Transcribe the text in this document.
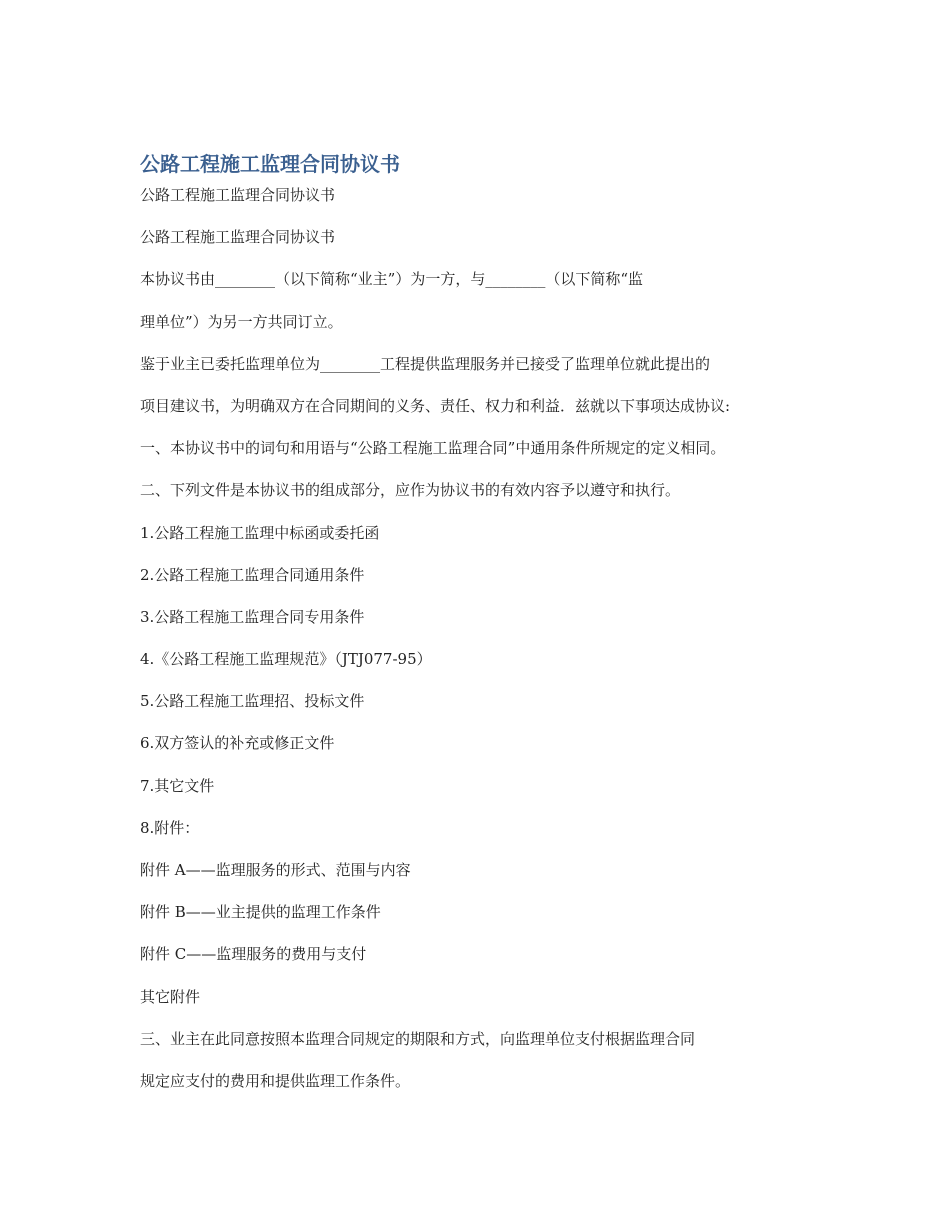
公路工程施工监理合同协议书
公路工程施工监理合同协议书
公路工程施工监理合同协议书
本协议书由________（以下简称“业主”）为一方，与________（以下简称“监
理单位”）为另一方共同订立。
鉴于业主已委托监理单位为________工程提供监理服务并已接受了监理单位就此提出的
项目建议书，为明确双方在合同期间的义务、责任、权力和利益．兹就以下事项达成协议:
一、本协议书中的词句和用语与“公路工程施工监理合同”中通用条件所规定的定义相同。
二、下列文件是本协议书的组成部分，应作为协议书的有效内容予以遵守和执行。
1.公路工程施工监理中标函或委托函
2.公路工程施工监理合同通用条件
3.公路工程施工监理合同专用条件
4.《公路工程施工监理规范》（JTJ077-95）
5.公路工程施工监理招、投标文件
6.双方签认的补充或修正文件
7.其它文件
8.附件：
附件 A——监理服务的形式、范围与内容
附件 B——业主提供的监理工作条件
附件 C——监理服务的费用与支付
其它附件
三、业主在此同意按照本监理合同规定的期限和方式，向监理单位支付根据监理合同
规定应支付的费用和提供监理工作条件。
